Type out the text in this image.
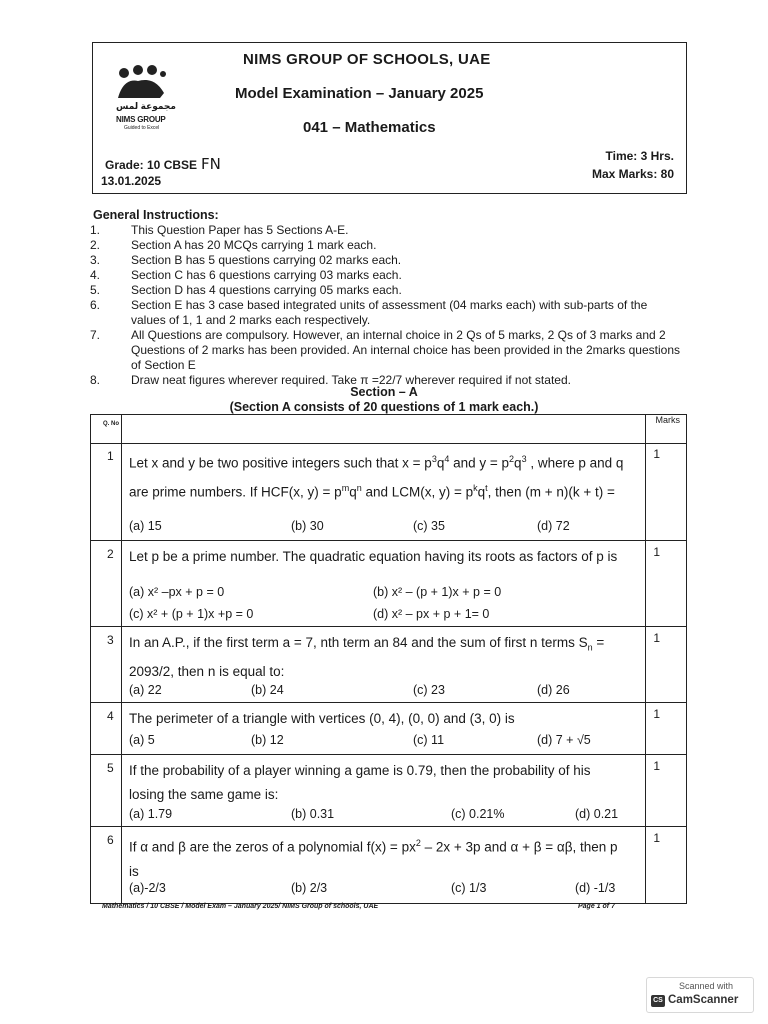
مجموعة لمس
NIMS GROUP
Guided to Excel
NIMS GROUP OF SCHOOLS, UAE
Model Examination – January 2025
041 – Mathematics
Grade: 10 CBSE FN
13.01.2025
Time: 3 Hrs.
Max Marks: 80
General Instructions:
1.	This Question Paper has 5 Sections A-E.
2.	Section A has 20 MCQs carrying 1 mark each.
3.	Section B has 5 questions carrying 02 marks each.
4.	Section C has 6 questions carrying 03 marks each.
5.	Section D has 4 questions carrying 05 marks each.
6.	Section E has 3 case based integrated units of assessment (04 marks each) with sub-parts of the values of 1, 1 and 2 marks each respectively.
7.	All Questions are compulsory. However, an internal choice in 2 Qs of 5 marks, 2 Qs of 3 marks and 2 Questions of 2 marks has been provided. An internal choice has been provided in the 2marks questions of Section E
8.	Draw neat figures wherever required. Take π =22/7 wherever required if not stated.
Section – A
(Section A consists of 20 questions of 1 mark each.)
Q. No	Marks
1	1
Let x and y be two positive integers such that $x = p^3q^4$ and $y = p^2q^3$ , where p and q are prime numbers. If HCF(x, $y) = p^mq^n$ and LCM(x, $y) = p^kq^t$, then (m + n)(k + t) =
(a) 15	(b) 30	(c) 35	(d) 72
2	1
Let p be a prime number. The quadratic equation having its roots as factors of p is
(a) x² –px + p = 0	(b) x² – (p + 1)x + p = 0
(c) x² + (p + 1)x +p = 0	(d) x² – px + p + 1= 0
3	1
In an A.P., if the first term a = 7, nth term an 84 and the sum of first n terms $S_n = 2093/2$, then n is equal to:
(a) 22	(b) 24	(c) 23	(d) 26
4	1
The perimeter of a triangle with vertices (0, 4), (0, 0) and (3, 0) is
(a) 5	(b) 12	(c) 11	(d) 7 + √5
5	1
If the probability of a player winning a game is 0.79, then the probability of his losing the same game is:
(a) 1.79	(b) 0.31	(c) 0.21%	(d) 0.21
6	1
If α and β are the zeros of a polynomial $f(x) = px^2 - 2x + 3p$ and α + β = αβ, then p is
(a)-2/3	(b) 2/3	(c) 1/3	(d) -1/3
Mathematics / 10 CBSE / Model Exam – January 2025/ NIMS Group of schools, UAE	Page 1 of 7
Scanned with
CS CamScanner
